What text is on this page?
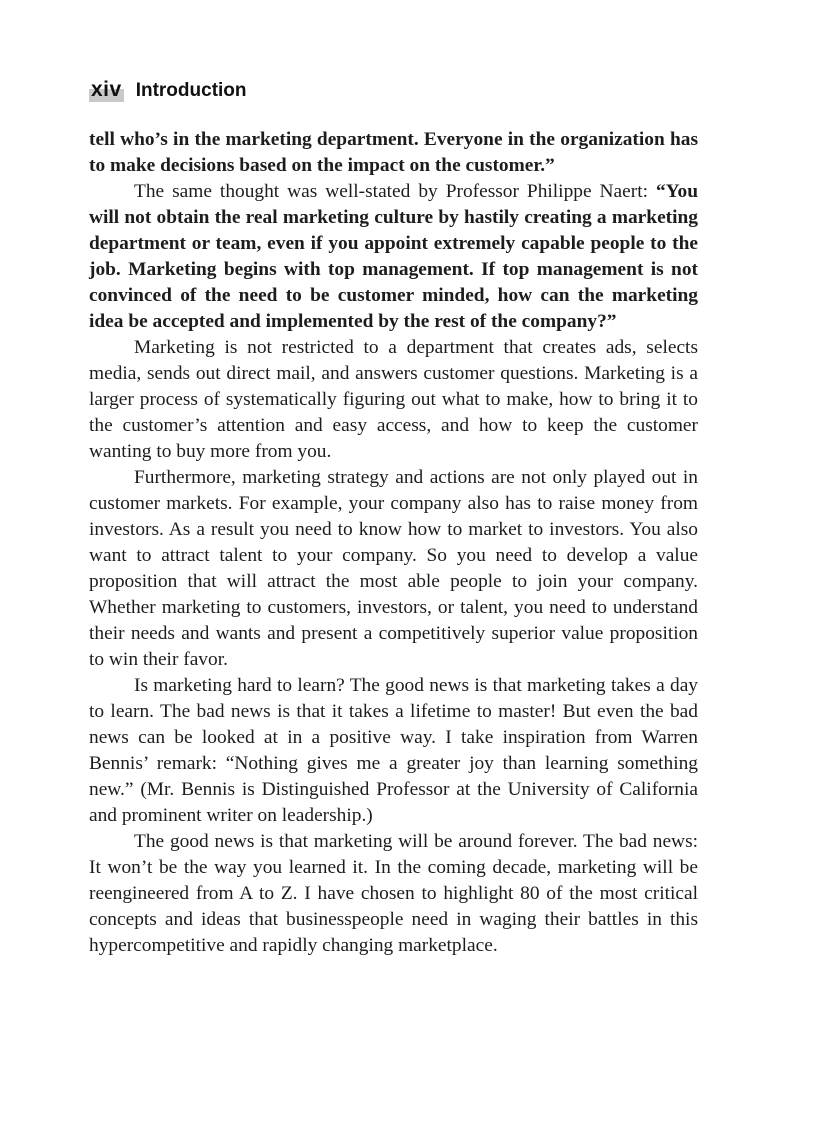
xiv Introduction

tell who’s in the marketing department. Everyone in the organization has to make decisions based on the impact on the customer.”

The same thought was well-stated by Professor Philippe Naert: “You will not obtain the real marketing culture by hastily creating a marketing department or team, even if you appoint extremely capable people to the job. Marketing begins with top management. If top management is not convinced of the need to be customer minded, how can the marketing idea be accepted and implemented by the rest of the company?”

Marketing is not restricted to a department that creates ads, selects media, sends out direct mail, and answers customer questions. Marketing is a larger process of systematically figuring out what to make, how to bring it to the customer’s attention and easy access, and how to keep the customer wanting to buy more from you.

Furthermore, marketing strategy and actions are not only played out in customer markets. For example, your company also has to raise money from investors. As a result you need to know how to market to investors. You also want to attract talent to your company. So you need to develop a value proposition that will attract the most able people to join your company. Whether marketing to customers, investors, or talent, you need to understand their needs and wants and present a competitively superior value proposition to win their favor.

Is marketing hard to learn? The good news is that marketing takes a day to learn. The bad news is that it takes a lifetime to master! But even the bad news can be looked at in a positive way. I take inspiration from Warren Bennis’ remark: “Nothing gives me a greater joy than learning something new.” (Mr. Bennis is Distinguished Professor at the University of California and prominent writer on leadership.)

The good news is that marketing will be around forever. The bad news: It won’t be the way you learned it. In the coming decade, marketing will be reengineered from A to Z. I have chosen to highlight 80 of the most critical concepts and ideas that businesspeople need in waging their battles in this hypercompetitive and rapidly changing marketplace.
